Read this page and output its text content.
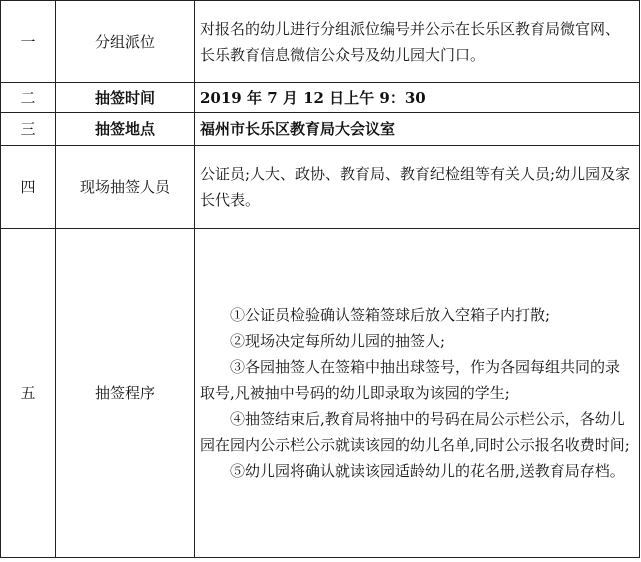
一	分组派位	对报名的幼儿进行分组派位编号并公示在长乐区教育局微官网、长乐教育信息微信公众号及幼儿园大门口。
二	抽签时间	2019 年 7 月 12 日上午 9：30
三	抽签地点	福州市长乐区教育局大会议室
四	现场抽签人员	公证员;人大、政协、教育局、教育纪检组等有关人员;幼儿园及家长代表。
五	抽签程序	①公证员检验确认签箱签球后放入空箱子内打散;
②现场决定每所幼儿园的抽签人;
③各园抽签人在签箱中抽出球签号，作为各园每组共同的录取号,凡被抽中号码的幼儿即录取为该园的学生;
④抽签结束后,教育局将抽中的号码在局公示栏公示，各幼儿园在园内公示栏公示就读该园的幼儿名单,同时公示报名收费时间;
⑤幼儿园将确认就读该园适龄幼儿的花名册,送教育局存档。
